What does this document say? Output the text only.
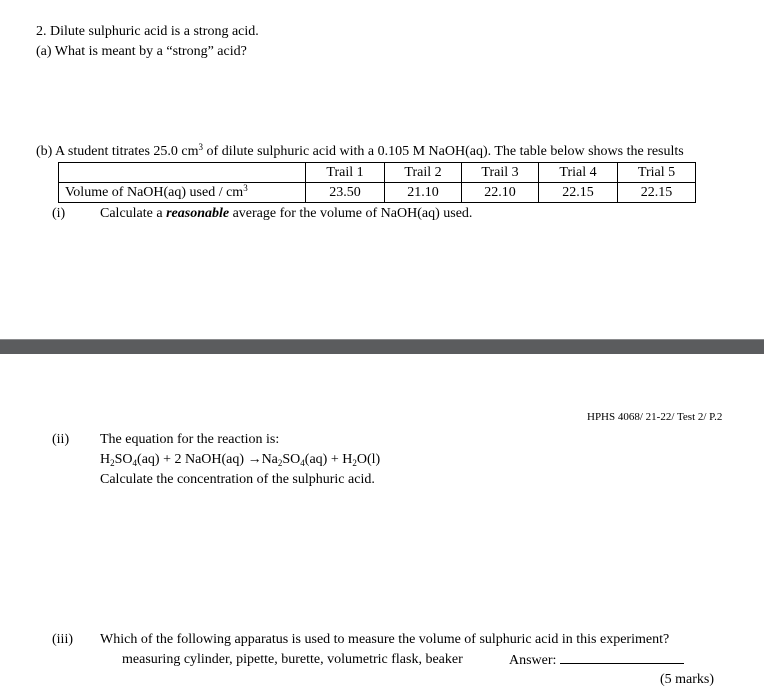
2. Dilute sulphuric acid is a strong acid.
(a) What is meant by a “strong” acid?
(b) A student titrates 25.0 $cm^3$ of dilute sulphuric acid with a 0.105 M NaOH(aq). The table below shows the results
	Trail 1	Trail 2	Trail 3	Trial 4	Trial 5
Volume of NaOH(aq) used / $cm^3$	23.50	21.10	22.10	22.15	22.15
(i) Calculate a reasonable average for the volume of NaOH(aq) used.
HPHS 4068/ 21-22/ Test 2/ P.2
(ii) The equation for the reaction is:
$H_2SO_4(aq) + 2$ NaOH(aq) $\to Na_2SO_4(aq) + H_2O(l)$
Calculate the concentration of the sulphuric acid.
(iii) Which of the following apparatus is used to measure the volume of sulphuric acid in this experiment?
measuring cylinder, pipette, burette, volumetric flask, beaker	Answer:
(5 marks)
